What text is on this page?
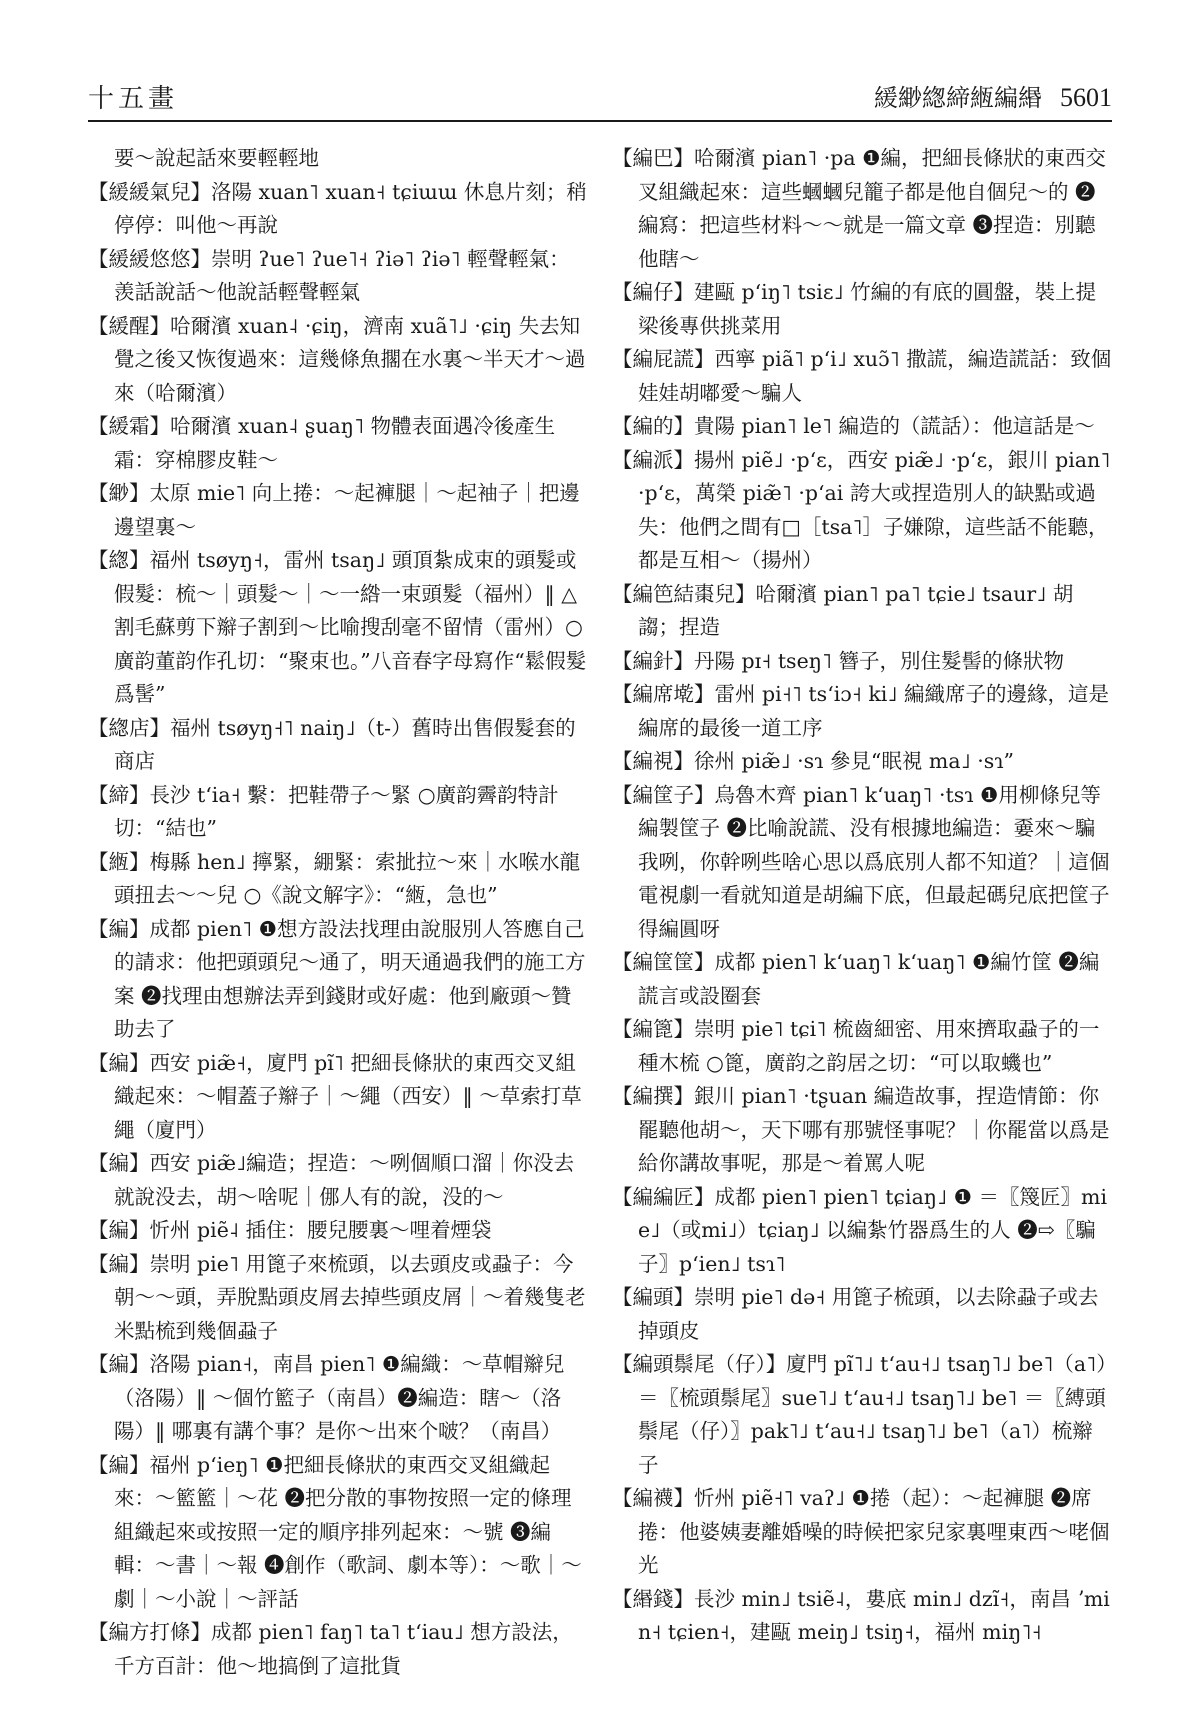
十五畫	緩緲緫締緪編緡 5601

要～說起話來要輕輕地

【緩緩氣兒】洛陽 xuan˥ xuan˧ tɕiɯɯ 休息片刻；稍停停：叫他～再說

【緩緩悠悠】崇明 ʔue˥ ʔue˥˧ ʔiə˥ ʔiə˥ 輕聲輕氣：羡話說話～他說話輕聲輕氣

【緩醒】哈爾濱 xuan˨ ·ɕiŋ，濟南 xuã˥˩ ·ɕiŋ 失去知覺之後又恢復過來：這幾條魚擱在水裏～半天才～過來（哈爾濱）

【緩霜】哈爾濱 xuan˨ ʂuaŋ˥ 物體表面遇冷後產生霜：穿棉膠皮鞋～

【緲】太原 mie˥ 向上捲：～起褲腿｜～起袖子｜把邊邊望裏～

【緫】福州 tsøyŋ˧，雷州 tsaŋ˩ 頭頂紮成束的頭髮或假髮：梳～｜頭髮～｜～一綹一束頭髮（福州）‖ △割毛蘇剪下辮子割到～比喻搜刮毫不留情（雷州）○廣韵董韵作孔切：“聚束也。”八音春字母寫作“鬆假髮爲髺”

【緫店】福州 tsøyŋ˧˥ naiŋ˩（t-）舊時出售假髮套的商店

【締】長沙 tʻia˧ 繫：把鞋帶子～緊 ○廣韵霽韵特計切：“結也”

【緪】梅縣 hen˩ 擰緊，綳緊：索㧗拉～來｜水喉水龍頭扭去～～兒 ○《說文解字》：“緪，急也”

【編】成都 pien˥ ❶想方設法找理由說服別人答應自己的請求：他把頭頭兒～通了，明天通過我們的施工方案 ❷找理由想辦法弄到錢財或好處：他到廠頭～贊助去了

【編】西安 piæ̃˧，廈門 pĩ˥ 把細長條狀的東西交叉組織起來：～帽蓋子辮子｜～繩（西安）‖ ～草索打草繩（廈門）

【編】西安 piæ̃˩編造；捏造：～咧個順口溜｜你没去就說没去，胡～啥呢｜㑚人有的說，没的～

【編】忻州 piẽ˨ 插住：腰兒腰裏～哩着煙袋

【編】崇明 pie˥ 用篦子來梳頭，以去頭皮或蝨子：今朝～～頭，弄脫點頭皮屑去掉些頭皮屑｜～着幾隻老米點梳到幾個蝨子

【編】洛陽 pian˧，南昌 pien˥ ❶編織：～草帽辮兒（洛陽）‖ ～個竹籃子（南昌）❷編造：瞎～（洛陽）‖ 哪裏有講个事？是你～出來个啵？（南昌）

【編】福州 pʻieŋ˥ ❶把細長條狀的東西交叉組織起來：～籃籃｜～花 ❷把分散的事物按照一定的條理組織起來或按照一定的順序排列起來：～號 ❸編輯：～書｜～報 ❹創作（歌詞、劇本等）：～歌｜～劇｜～小說｜～評話

【編方打條】成都 pien˥ faŋ˥ ta˥ tʻiau˩ 想方設法，千方百計：他～地搞倒了這批貨

【編巴】哈爾濱 pian˥ ·pa ❶編，把細長條狀的東西交叉組織起來：這些蟈蟈兒籠子都是他自個兒～的 ❷編寫：把這些材料～～就是一篇文章 ❸捏造：別聽他瞎～

【編仔】建甌 pʻiŋ˥ tsiɛ˩ 竹編的有底的圓盤，裝上提梁後專供挑菜用

【編屁謊】西寧 piã˥ pʻi˩ xuɔ̃˥ 撒謊，編造謊話：致個娃娃胡嘟愛～騙人

【編的】貴陽 pian˥ le˥ 編造的（謊話）：他這話是～

【編派】揚州 piẽ˩ ·pʻɛ，西安 piæ̃˩ ·pʻɛ，銀川 pian˥ ·pʻɛ，萬榮 piæ̃˥ ·pʻai 誇大或捏造別人的缺點或過失：他們之間有□［tsa˥］子嫌隙，這些話不能聽，都是互相～（揚州）

【編笆結棗兒】哈爾濱 pian˥ pa˥ tɕie˩ tsaur˩ 胡謅；捏造

【編針】丹陽 pɪ˧ tseŋ˥ 簪子，別住髮髻的條狀物

【編席墘】雷州 pi˧˥ tsʻiɔ˧ ki˩ 編織席子的邊緣，這是編席的最後一道工序

【編視】徐州 piæ̃˩ ·sɿ 參見“眠視 ma˩ ·sɿ”

【編筐子】烏魯木齊 pian˥ kʻuaŋ˥ ·tsɿ ❶用柳條兒等編製筐子 ❷比喻說謊、没有根據地編造：嫑來～騙我咧，你幹咧些啥心思以爲底別人都不知道？｜這個電視劇一看就知道是胡編下底，但最起碼兒底把筐子得編圓呀

【編筐筐】成都 pien˥ kʻuaŋ˥ kʻuaŋ˥ ❶編竹筐 ❷編謊言或設圈套

【編篦】崇明 pie˥ tɕi˥ 梳齒細密、用來擠取蝨子的一種木梳 ○篦，廣韵之韵居之切：“可以取蟣也”

【編撰】銀川 pian˥ ·tʂuan 編造故事，捏造情節：你罷聽他胡～，天下哪有那號怪事呢？｜你罷當以爲是給你講故事呢，那是～着罵人呢

【編編匠】成都 pien˥ pien˥ tɕiaŋ˩ ❶ ＝〖篾匠〗mie˩（或mi˩）tɕiaŋ˩ 以編紮竹器爲生的人 ❷⇨〖騙子〗pʻien˩ tsɿ˥

【編頭】崇明 pie˥ də˧ 用篦子梳頭，以去除蝨子或去掉頭皮

【編頭鬃尾（仔）】廈門 pĩ˥˩ tʻau˧˩ tsaŋ˥˩ be˥（a˥）＝〖梳頭鬃尾〗sue˥˩ tʻau˧˩ tsaŋ˥˩ be˥ ＝〖縛頭鬃尾（仔）〗pak˥˩ tʻau˧˩ tsaŋ˥˩ be˥（a˥）梳辮子

【編襪】忻州 piẽ˧˥ vaʔ˩ ❶捲（起）：～起褲腿 ❷席捲：他婆姨妻離婚噪的時候把家兒家裏哩東西～咾個光

【緡錢】長沙 min˩ tsiẽ˨，婁底 min˩ dzĩ˧，南昌 ʼmin˧ tɕien˧，建甌 meiŋ˩ tsiŋ˧，福州 miŋ˥˧
